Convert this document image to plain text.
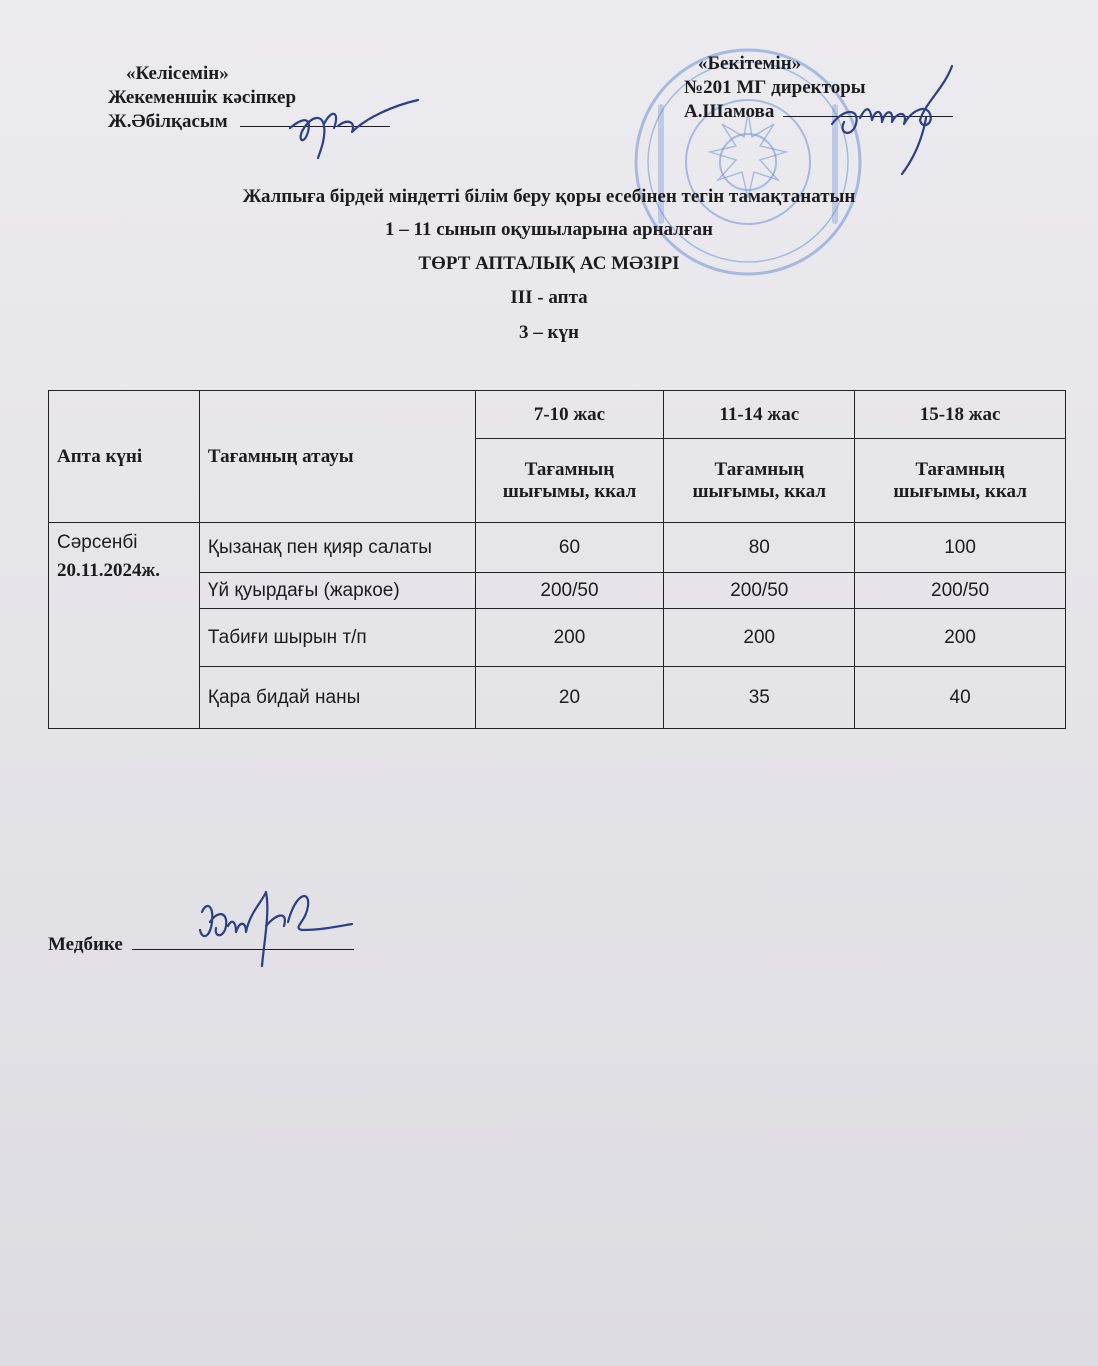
«Келісемін»
Жекеменшік кәсіпкер
Ж.Әбілқасым
«Бекітемін»
№201 МГ директоры
А.Шамова
Жалпыға бірдей міндетті білім беру қоры есебінен тегін тамақтанатын
1 – 11 сынып оқушыларына арналған
ТӨРТ АПТАЛЫҚ АС МӘЗІРІ
ІІІ - апта
3 – күн
Апта күні	Тағамның атауы	7-10 жас	11-14 жас	15-18 жас
		Тағамның
шығымы, ккал	Тағамның
шығымы, ккал	Тағамның
шығымы, ккал

Сәрсенбі
20.11.2024ж.	Қызанақ пен қияр салаты	60	80	100
	Үй қуырдағы (жаркое)	200/50	200/50	200/50
	Табиғи шырын т/п	200	200	200
	Қара бидай наны	20	35	40
Медбике
